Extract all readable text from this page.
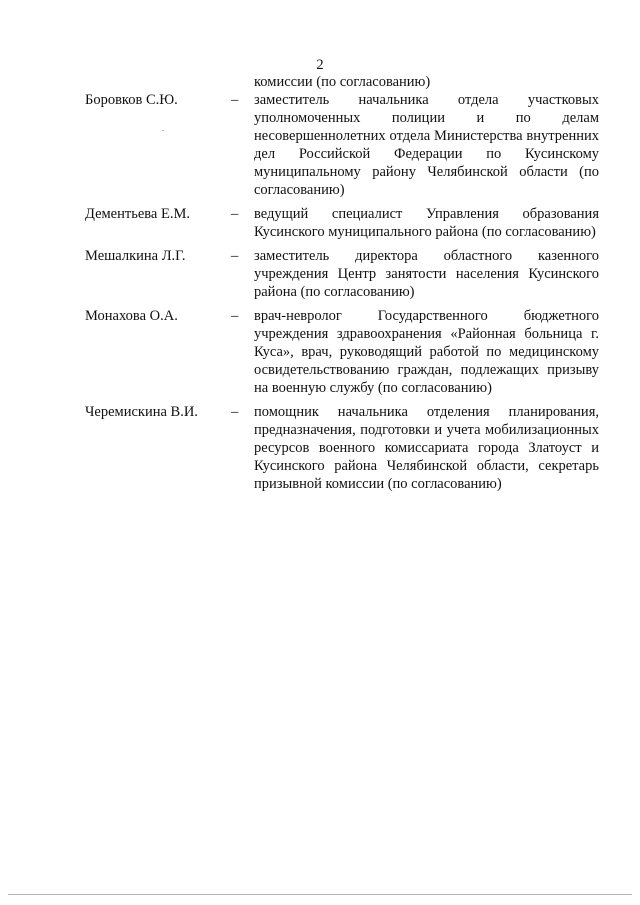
2
комиссии (по согласованию)
Боровков С.Ю.	– заместитель начальника отдела участковых уполномоченных полиции и по делам несовершеннолетних отдела Министерства внутренних дел Российской Федерации по Кусинскому муниципальному району Челябинской области (по согласованию)
Дементьева Е.М.	– ведущий специалист Управления образования Кусинского муниципального района (по согласованию)
Мешалкина Л.Г.	– заместитель директора областного казенного учреждения Центр занятости населения Кусинского района (по согласованию)
Монахова О.А.	– врач-невролог Государственного бюджетного учреждения здравоохранения «Районная больница г. Куса», врач, руководящий работой по медицинскому освидетельствованию граждан, подлежащих призыву на военную службу (по согласованию)
Черемискина В.И. – помощник начальника отделения планирования, предназначения, подготовки и учета мобилизационных ресурсов военного комиссариата города Златоуст и Кусинского района Челябинской области, секретарь призывной комиссии (по согласованию)
